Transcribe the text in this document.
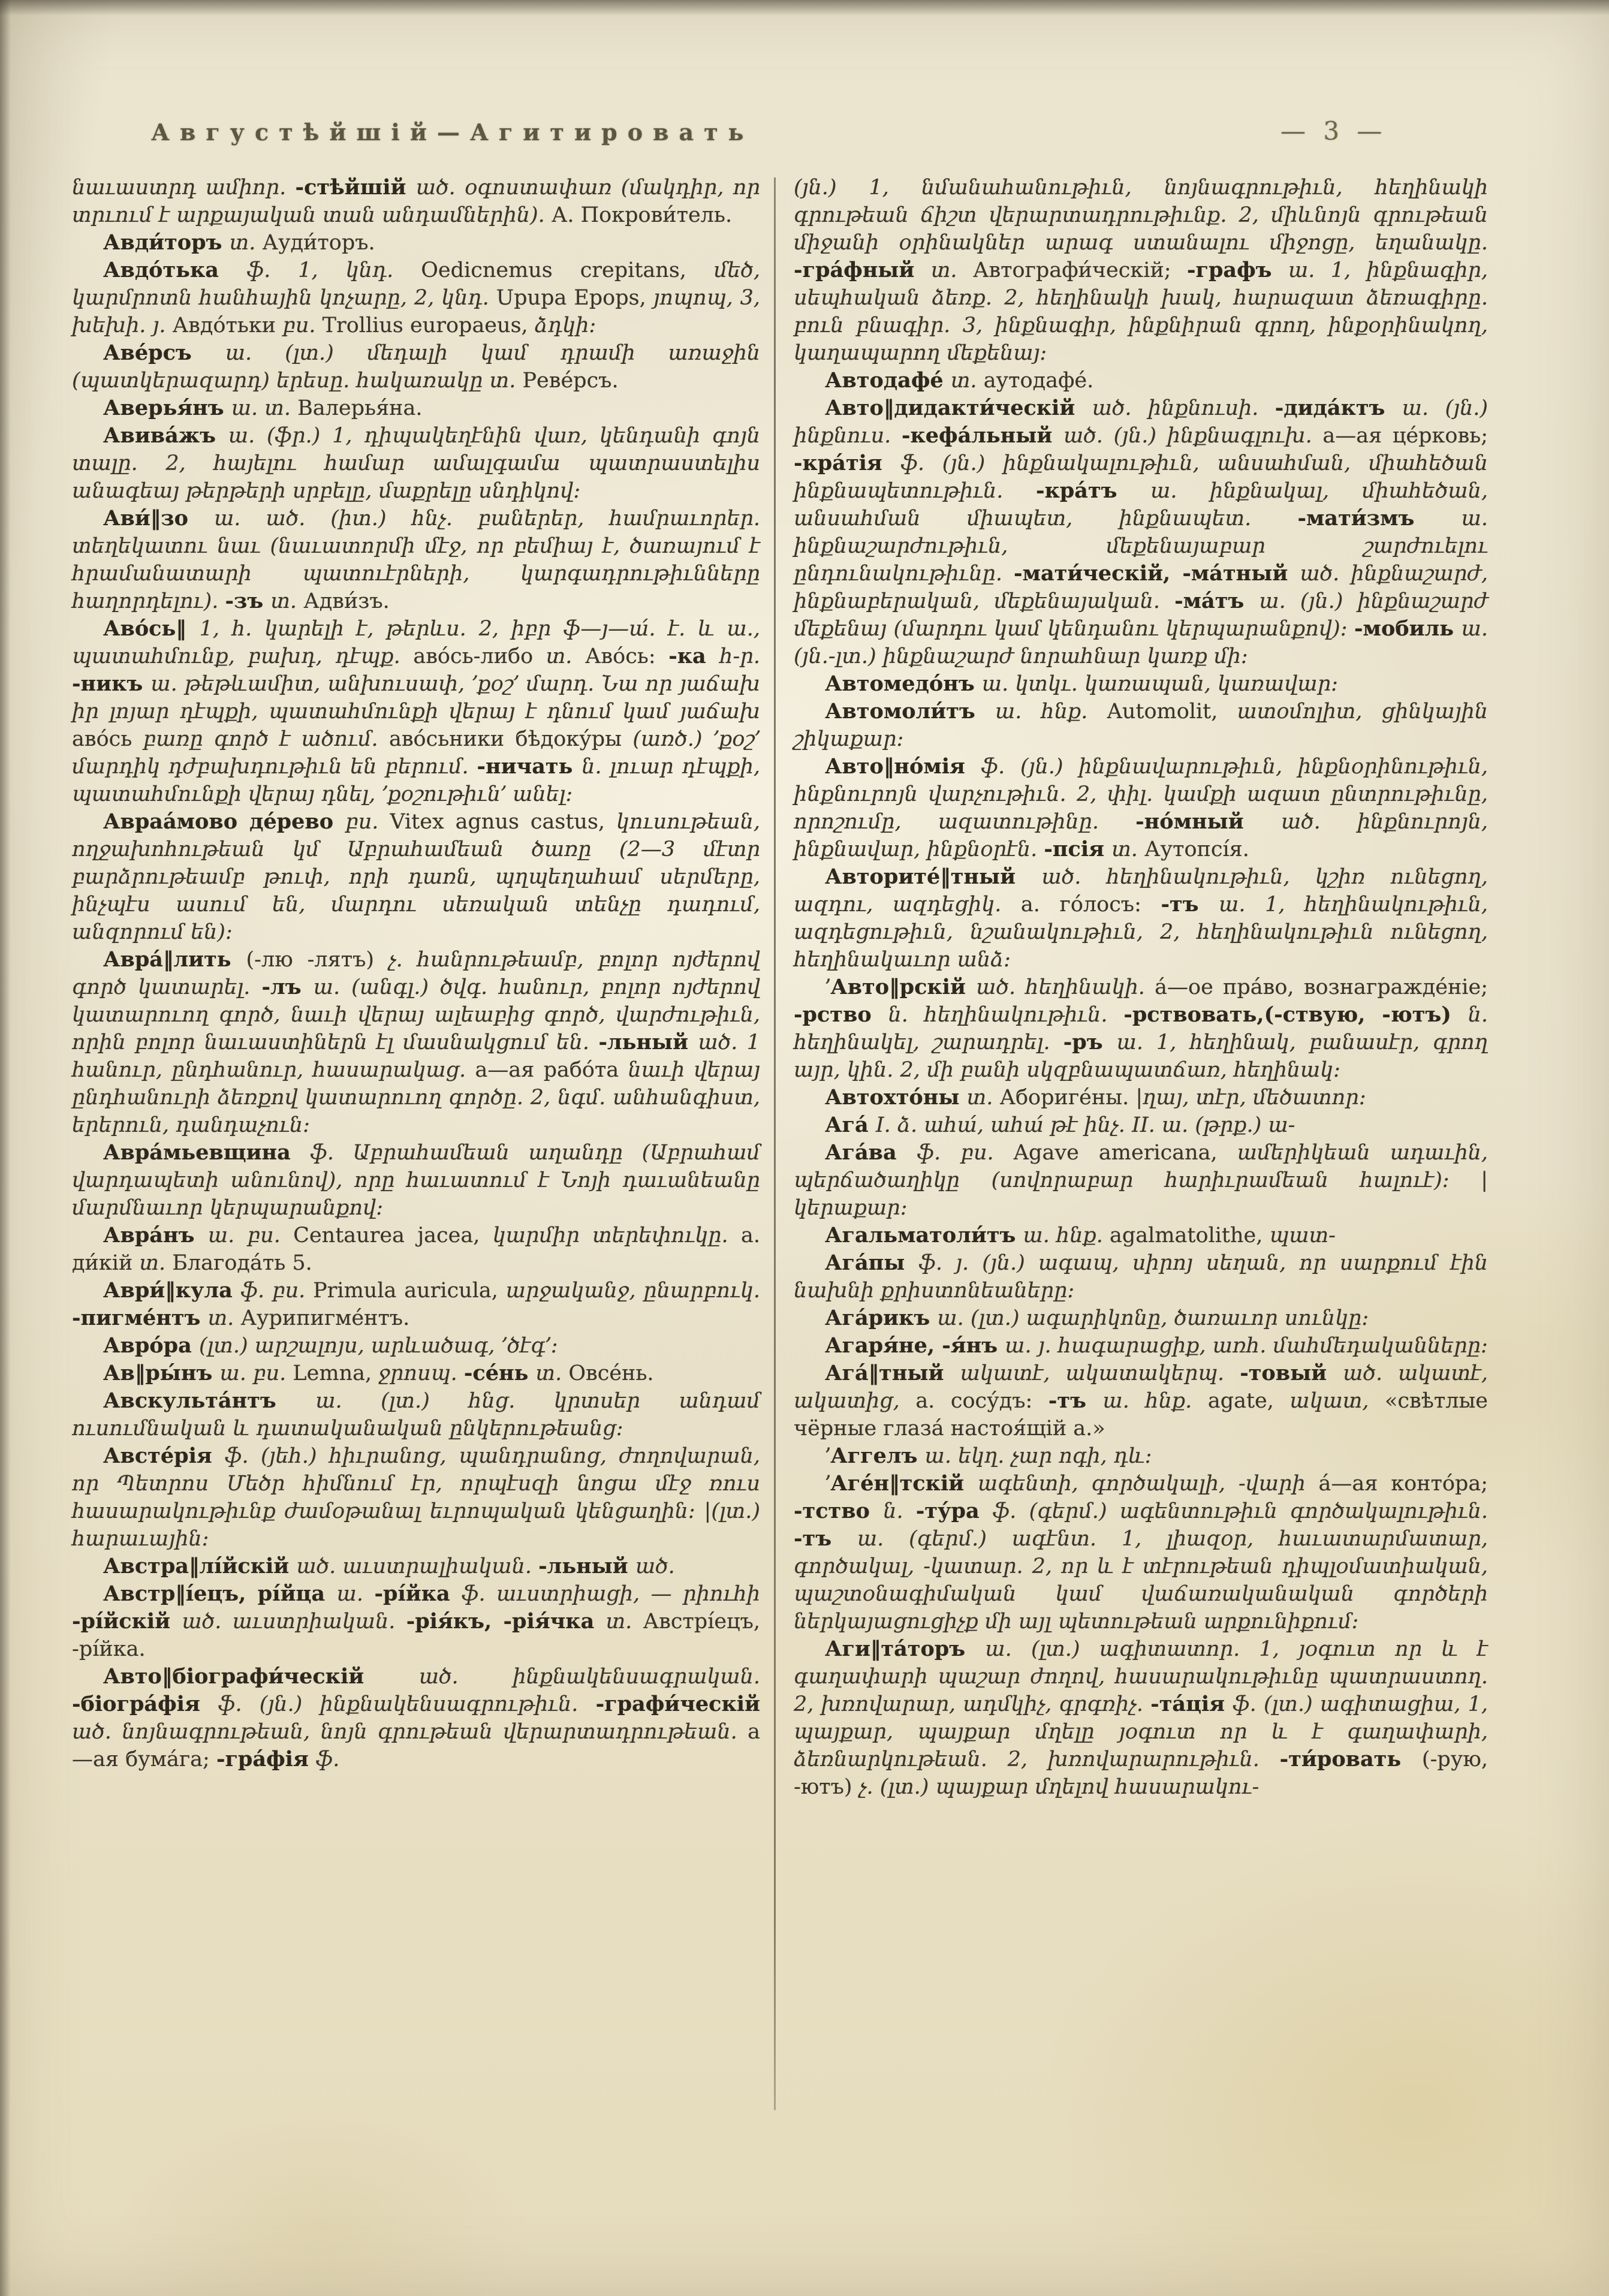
Августѣйшій—Агитировать	— 3 —

նաւաստրդ ամիոր. -стѣйшій ած. օգոստափառ (մակդիր, որ տրւում է արքայական տան անդամներին). А. Покрови́тель.

Авди́торъ տ. Ауди́торъ.

Авдо́тька ֆ. 1, կնդ. Oedicnemus crepitans, մեծ, կարմրոտն հանհային կոչարը, 2, կնդ. Upupa Epops, յոպոպ, 3, խեխի. յ. Авдо́тьки բս. Trollius europaeus, ձդկի։

Аве́рсъ ա. (լտ.) մեդալի կամ դրամի առաջին (պատկերազարդ) երեսը. հակառակը տ. Реве́рсъ.

Аверья́нъ ա. տ. Валерья́на.

Авива́жъ ա. (ֆր.) 1, դիպակեղէնին վառ, կենդանի գոյն տալը. 2, հայելու համար ամալգամա պատրաստելիս անագեայ թերթերի սրբելը, մաքրելը սնդիկով։

Ави́‖зо ա. ած. (իտ.) հնչ. բաներեր, համրաւորեր. տեղեկատու նաւ (նաւատորմի մէջ, որ բեմիայ է, ծառայում է հրամանատարի պատուէրների, կարգադրութիւնները հաղորդելու). -зъ տ. Адви́зъ.

Аво́сь‖ 1, հ. կարելի է, թերևս. 2, իբր ֆ—յ—ա́. է. և ա., պատահմունք, բախդ, դէպք. аво́сь-либо տ. Аво́сь: -ка հ-ր. -никъ ա. թեթևամիտ, անխուսափ, ՚քօշ՚ մարդ. Նա որ յաճախ իր լոյար դէպքի, պատահմունքի վերայ է դնում կամ յաճախ аво́сь բառը գործ է ածում. аво́сьники бѣдоку́ры (առծ.) ՚քօշ՚ մարդիկ դժբախդութիւն են բերում. -ничать ն. լուար դէպքի, պատահմունքի վերայ դնել, ՚քօշութիւն՚ անել:

Авраа́мово де́рево բս. Vitex agnus castus, կուսութեան, ողջախոհութեան կմ Աբրահամեան ծառը (2—3 մէտր բարձրութեամբ թուփ, որի դառն, պղպեղահամ սերմերը, ինչպէս ասում են, մարդու սեռական տենչը դադում, անզորում են):

Авра́‖лить (-лю -лятъ) չ. հանրութեամբ, բոլոր ոյժերով գործ կատարել. -лъ ա. (անգլ.) ծվգ. հանուր, բոլոր ոյժերով կատարուող գործ, նաւի վերայ ալեաբից գործ, վարժութիւն, որին բոլոր նաւաստիներն էլ մասնակցում են. -льный ած. 1 հանուր, ընդհանուր, հասարակաց. а—ая рабо́та նաւի վերայ ընդհանուրի ձեռքով կատարուող գործը. 2, նգմ. անհանգիստ, երերուն, դանդաչուն:

Авра́мьевщина ֆ. Աբրահամեան աղանդը (Աբրահամ վարդապետի անունով), որը հաւատում է Նոյի դաւանեանը մարմնաւոր կերպարանքով:

Авра́нъ ա. բս. Centaurea jacea, կարմիր տերեփուկը. а. ди́кій տ. Благода́ть 5.

Аври́‖кула ֆ. բս. Primula auricula, արջականջ, ընարբուկ. -пигме́нтъ տ. Аурипигме́нтъ.

Авро́ра (լտ.) արշալոյս, արևածագ, ՚ծէգ՚:

Ав‖ры́нъ ա. բս. Lemna, ջրոսպ. -се́нь տ. Овсе́нь.

Авскульта́нтъ ա. (լտ.) հնց. կրտսեր անդամ ուսումնական և դատականական ընկերութեանց:

Австе́рія ֆ. (յեհ.) հիւրանոց, պանդրանոց, ժողովարան, որ Պետրոս Մեծր հիմնում էր, որպէսզի նոցա մէջ ռուս հասարակութիւնք ժամօթանալ եւրոպական կենցաղին։ |(լտ.) հարաւային:

Австра‖лі́йскій ած. աւստրալիական. -льный ած.

Австр‖і́ецъ, рі́йца ա. -рі́йка ֆ. աւստրիացի, — րիուհի -рі́йскій ած. աւստրիական. -рія́къ, -рія́чка տ. Австрі́ецъ, -рі́йка.

Авто‖біографи́ческій ած. ինքնակենսագրական. -біогра́фія ֆ. (յն.) ինքնակենսագրութիւն. -графи́ческій ած. նոյնագրութեան, նոյն գրութեան վերարտադրութեան. а—ая бума́га; -гра́фія ֆ.

(յն.) 1, նմանահանութիւն, նոյնագրութիւն, հեղինակի գրութեան ճիշտ վերարտադրութիւնք. 2, միևնոյն գրութեան միջանի օրինակներ արագ ստանալու միջոցը, եղանակը. -гра́фный տ. Автографи́ческій; -графъ ա. 1, ինքնագիր, սեպհական ձեռք. 2, հեղինակի խակ, հարազատ ձեռագիրը. բուն բնագիր. 3, ինքնագիր, ինքնիրան գրող, ինքօրինակող, կաղապարող մեքենայ:

Автодафе́ տ. аутодафе́.

Авто‖дидакти́ческій ած. ինքնուսի. -дида́ктъ ա. (յն.) ինքնուս. -кефа́льный ած. (յն.) ինքնագլուխ. а—ая це́рковь; -кра́тія ֆ. (յն.) ինքնակալութիւն, անսահման, միահեծան ինքնապետութիւն. -кра́тъ ա. ինքնակալ, միահեծան, անսահման միապետ, ինքնապետ. -мати́змъ ա. ինքնաշարժութիւն, մեքենայաբար շարժուելու ընդունակութիւնը. -мати́ческій, -ма́тный ած. ինքնաշարժ, ինքնաբերական, մեքենայական. -ма́тъ ա. (յն.) ինքնաշարժ մեքենայ (մարդու կամ կենդանու կերպարանքով): -мобиль ա. (յն.-լտ.) ինքնաշարժ նորահնար կառք մի:

Автомедо́нъ ա. կտկւ. կառապան, կառավար:

Автомоли́тъ ա. հնք. Automolit, ատօմոլիտ, ցինկային շիկաքար:

Авто‖но́мія ֆ. (յն.) ինքնավարութիւն, ինքնօրինութիւն, ինքնուրոյն վարչութիւն. 2, փիլ. կամքի ազատ ընտրութիւնը, որոշումը, ազատութինը. -но́мный ած. ինքնուրոյն, ինքնավար, ինքնօրէն. -псія տ. Аутопсі́я.

Авторите́‖тный ած. հեղինակութիւն, կշիռ ունեցող, ազդու, ազդեցիկ. а. го́лосъ: -тъ ա. 1, հեղինակութիւն, ազդեցութիւն, նշանակութիւն, 2, հեղինակութիւն ունեցող, հեղինակաւոր անձ:

՚Авто‖рскій ած. հեղինակի. а́—ое пра́во, вознагражде́ніе; -рство ն. հեղինակութիւն. -рствовать,(-ствую, -ютъ) ն. հեղինակել, շարադրել. -ръ ա. 1, հեղինակ, բանասէր, գրող այր, կին. 2, մի բանի սկզբնապատճառ, հեղինակ:

Автохто́ны տ. Абориге́ны. |ղայ, տէր, մեծատոր:

Ага́ I. ձ. ահա́, ահա́ թէ ինչ. II. ա. (թրք.) ա-

Ага́ва ֆ. բս. Agave americana, ամերիկեան ադաւին, պերճածաղիկը (սովորաբար հարիւրամեան հալուէ): |կերաքար:

Агальматоли́тъ ա. հնք. agalmatolithe, պատ-

Ага́пы ֆ. յ. (յն.) ագապ, սիրոյ սեղան, որ սարքում էին նախնի քրիստոնեաները:

Ага́рикъ ա. (լտ.) ագարիկոնը, ծառաւոր սունկը:

Агаря́не, -я́нъ ա. յ. հագարացիք, առհ. մահմեդականները:

Ага́‖тный ակատէ, ակատակերպ. -товый ած. ակատէ, ակատից, а. сосу́дъ: -тъ ա. հնք. agate, ակատ, «свѣтлые чёрные глаза́ настоя́щій а.»

՚Аггелъ ա. եկղ. չար ոգի, դև:

՚Аге́н‖тскій ագենտի, գործակալի, -վարի а́—ая конто́ра; -тство ն. -ту́ра ֆ. (գերմ.) ագենտութիւն գործակալութիւն. -тъ ա. (գերմ.) ագէնտ. 1, լիազօր, հաւատարմատար, գործակալ, -կատար. 2, որ և է տէրութեան դիպլօմատիական, պաշտօնագիմական կամ վաճառականական գործերի ներկայացուցիչք մի այլ պետութեան արքունիքում:

Аги‖та́торъ ա. (լտ.) ագիտատոր. 1, յօգուտ որ և է գաղափարի պաշար ժողով, հասարակութիւնը պատրաստող. 2, խռովարար, ադմկիչ, գրգռիչ. -та́ція ֆ. (լտ.) ագիտացիա, 1, պայքար, պայքար մղելը յօգուտ որ և է գաղափարի, ձեռնարկութեան. 2, խռովարարութիւն. -ти́ровать (-рую, -ютъ) չ. (լտ.) պայքար մղելով հասարակու-
